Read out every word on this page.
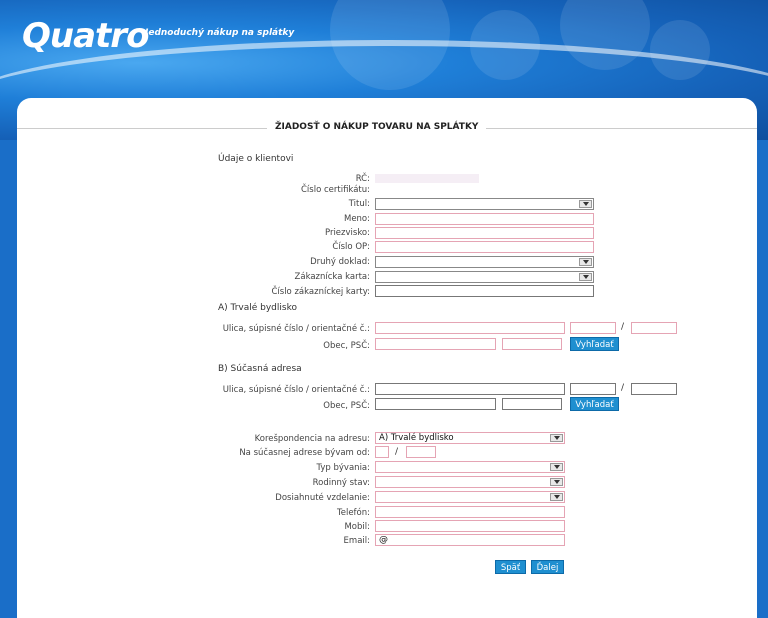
Quatro
Jednoduchý nákup na splátky
ŽIADOSŤ O NÁKUP TOVARU NA SPLÁTKY
Údaje o klientovi
RČ:
Číslo certifikátu:
Titul:
Meno:
Priezvisko:
Číslo OP:
Druhý doklad:
Zákaznícka karta:
Číslo zákazníckej karty:
A) Trvalé bydlisko
Ulica, súpisné číslo / orientačné č.:	/
Obec, PSČ:	Vyhľadať
B) Súčasná adresa
Ulica, súpisné číslo / orientačné č.:	/
Obec, PSČ:	Vyhľadať
Korešpondencia na adresu:	A) Trvalé bydlisko
Na súčasnej adrese bývam od:	/
Typ bývania:
Rodinný stav:
Dosiahnuté vzdelanie:
Telefón:
Mobil:
Email:	@
Späť	Ďalej
